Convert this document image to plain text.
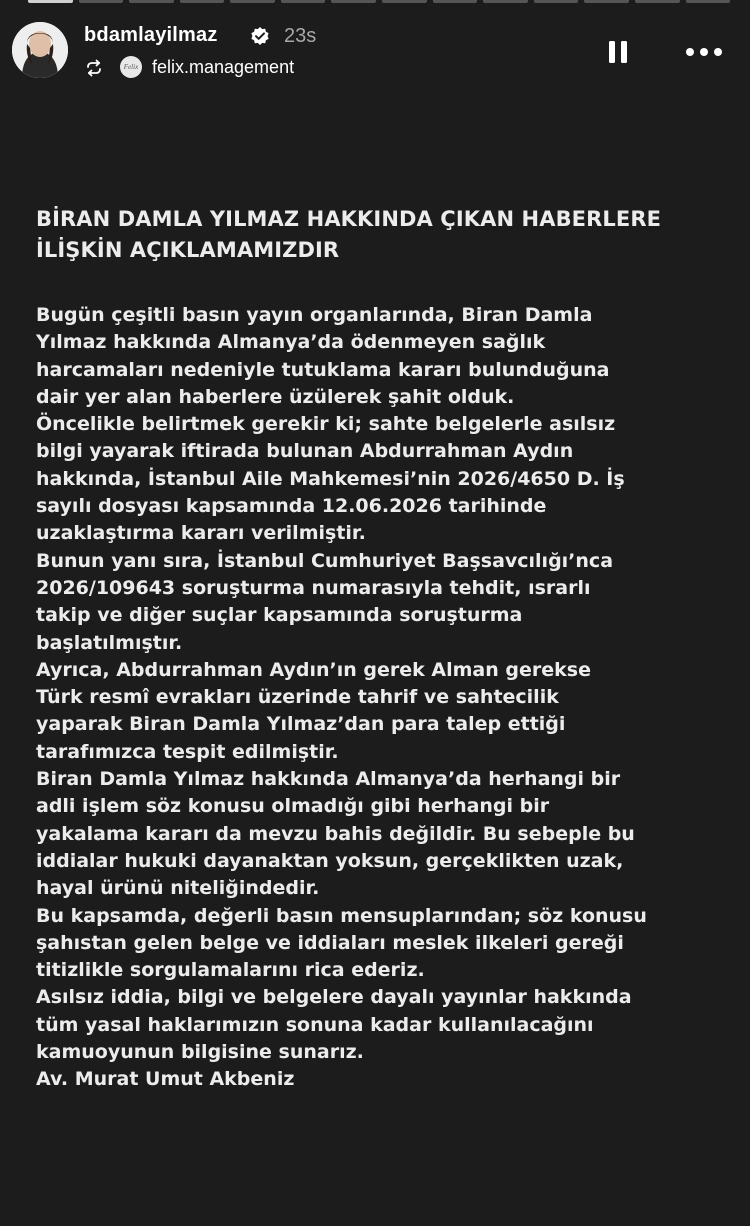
bdamlayilmaz	23s
Felix felix.management
BİRAN DAMLA YILMAZ HAKKINDA ÇIKAN HABERLERE
İLİŞKİN AÇIKLAMAMIZDIR
Bugün çeşitli basın yayın organlarında, Biran Damla
Yılmaz hakkında Almanya’da ödenmeyen sağlık
harcamaları nedeniyle tutuklama kararı bulunduğuna
dair yer alan haberlere üzülerek şahit olduk.
Öncelikle belirtmek gerekir ki; sahte belgelerle asılsız
bilgi yayarak iftirada bulunan Abdurrahman Aydın
hakkında, İstanbul Aile Mahkemesi’nin 2026/4650 D. İş
sayılı dosyası kapsamında 12.06.2026 tarihinde
uzaklaştırma kararı verilmiştir.
Bunun yanı sıra, İstanbul Cumhuriyet Başsavcılığı’nca
2026/109643 soruşturma numarasıyla tehdit, ısrarlı
takip ve diğer suçlar kapsamında soruşturma
başlatılmıştır.
Ayrıca, Abdurrahman Aydın’ın gerek Alman gerekse
Türk resmî evrakları üzerinde tahrif ve sahtecilik
yaparak Biran Damla Yılmaz’dan para talep ettiği
tarafımızca tespit edilmiştir.
Biran Damla Yılmaz hakkında Almanya’da herhangi bir
adli işlem söz konusu olmadığı gibi herhangi bir
yakalama kararı da mevzu bahis değildir. Bu sebeple bu
iddialar hukuki dayanaktan yoksun, gerçeklikten uzak,
hayal ürünü niteliğindedir.
Bu kapsamda, değerli basın mensuplarından; söz konusu
şahıstan gelen belge ve iddiaları meslek ilkeleri gereği
titizlikle sorgulamalarını rica ederiz.
Asılsız iddia, bilgi ve belgelere dayalı yayınlar hakkında
tüm yasal haklarımızın sonuna kadar kullanılacağını
kamuoyunun bilgisine sunarız.
Av. Murat Umut Akbeniz
